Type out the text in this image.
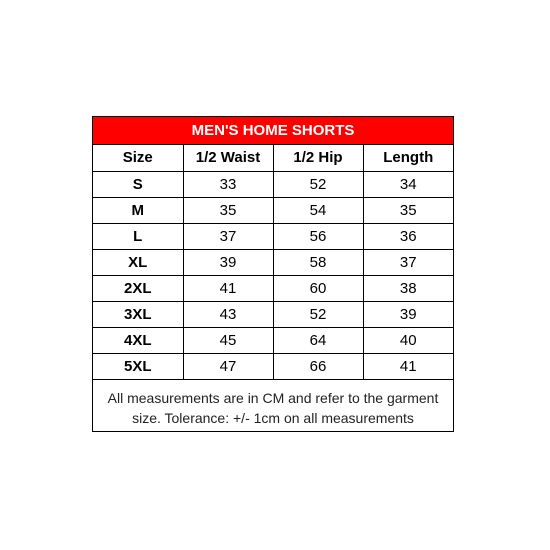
MEN'S HOME SHORTS
Size	1/2 Waist	1/2 Hip	Length
S	33	52	34
M	35	54	35
L	37	56	36
XL	39	58	37
2XL	41	60	38
3XL	43	52	39
4XL	45	64	40
5XL	47	66	41
All measurements are in CM and refer to the garment size. Tolerance: +/- 1cm on all measurements
